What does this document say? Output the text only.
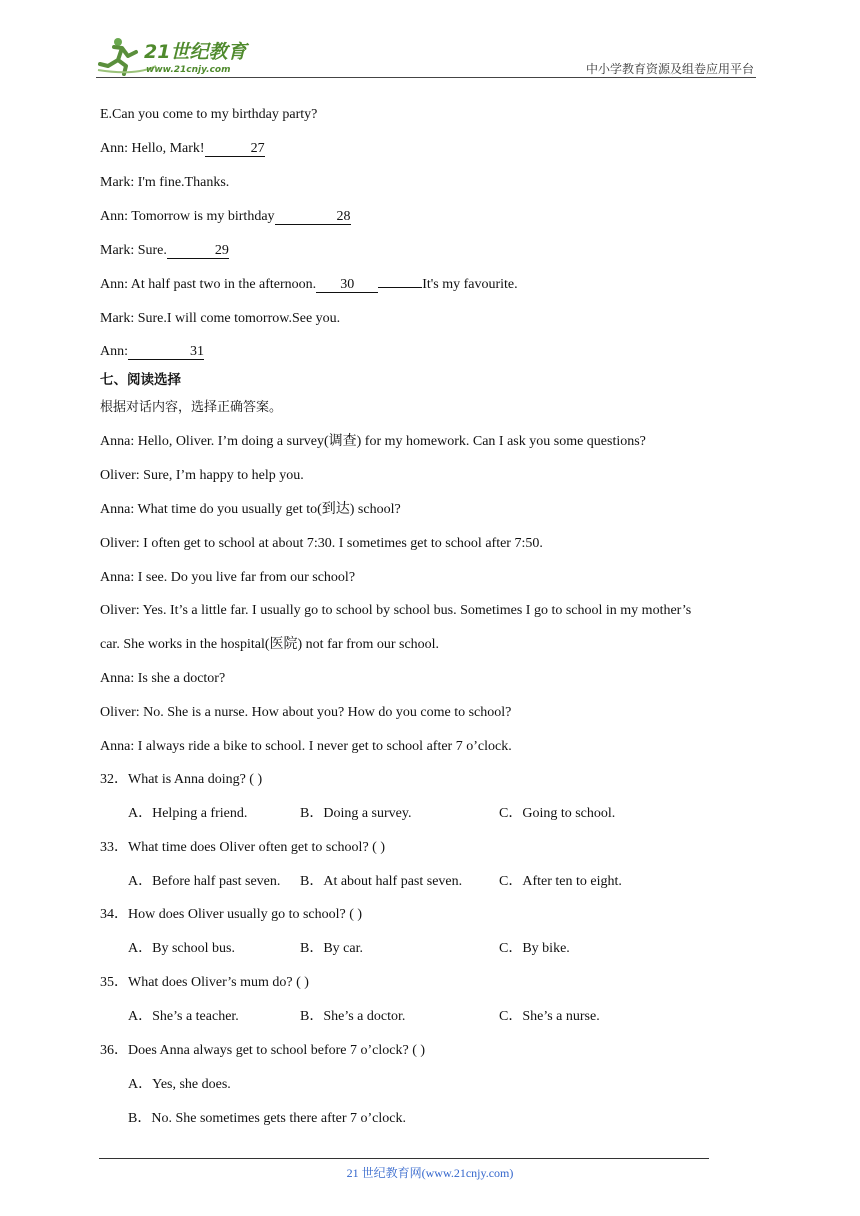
21世纪教育
www.21cnjy.com	中小学教育资源及组卷应用平台
E.Can you come to my birthday party?
Ann: Hello, Mark!	27
Mark: I'm fine.Thanks.
Ann: Tomorrow is my birthday	28
Mark: Sure.	29
Ann: At half past two in the afternoon. 30	It's my favourite.
Mark: Sure.I will come tomorrow.See you.
Ann:	31
七、阅读选择
根据对话内容，选择正确答案。
Anna: Hello, Oliver. I’m doing a survey(调查) for my homework. Can I ask you some questions?
Oliver: Sure, I’m happy to help you.
Anna: What time do you usually get to(到达) school?
Oliver: I often get to school at about 7:30. I sometimes get to school after 7:50.
Anna: I see. Do you live far from our school?
Oliver: Yes. It’s a little far. I usually go to school by school bus. Sometimes I go to school in my mother’s
car. She works in the hospital(医院) not far from our school.
Anna: Is she a doctor?
Oliver: No. She is a nurse. How about you? How do you come to school?
Anna: I always ride a bike to school. I never get to school after 7 o’clock.
32．What is Anna doing? ( )
A．Helping a friend.	B．Doing a survey.	C．Going to school.
33．What time does Oliver often get to school? ( )
A．Before half past seven. B．At about half past seven.	C．After ten to eight.
34．How does Oliver usually go to school? ( )
A．By school bus.	B．By car.	C．By bike.
35．What does Oliver’s mum do? ( )
A．She’s a teacher.	B．She’s a doctor.	C．She’s a nurse.
36．Does Anna always get to school before 7 o’clock? ( )
A．Yes, she does.
B．No. She sometimes gets there after 7 o’clock.
21 世纪教育网(www.21cnjy.com)
